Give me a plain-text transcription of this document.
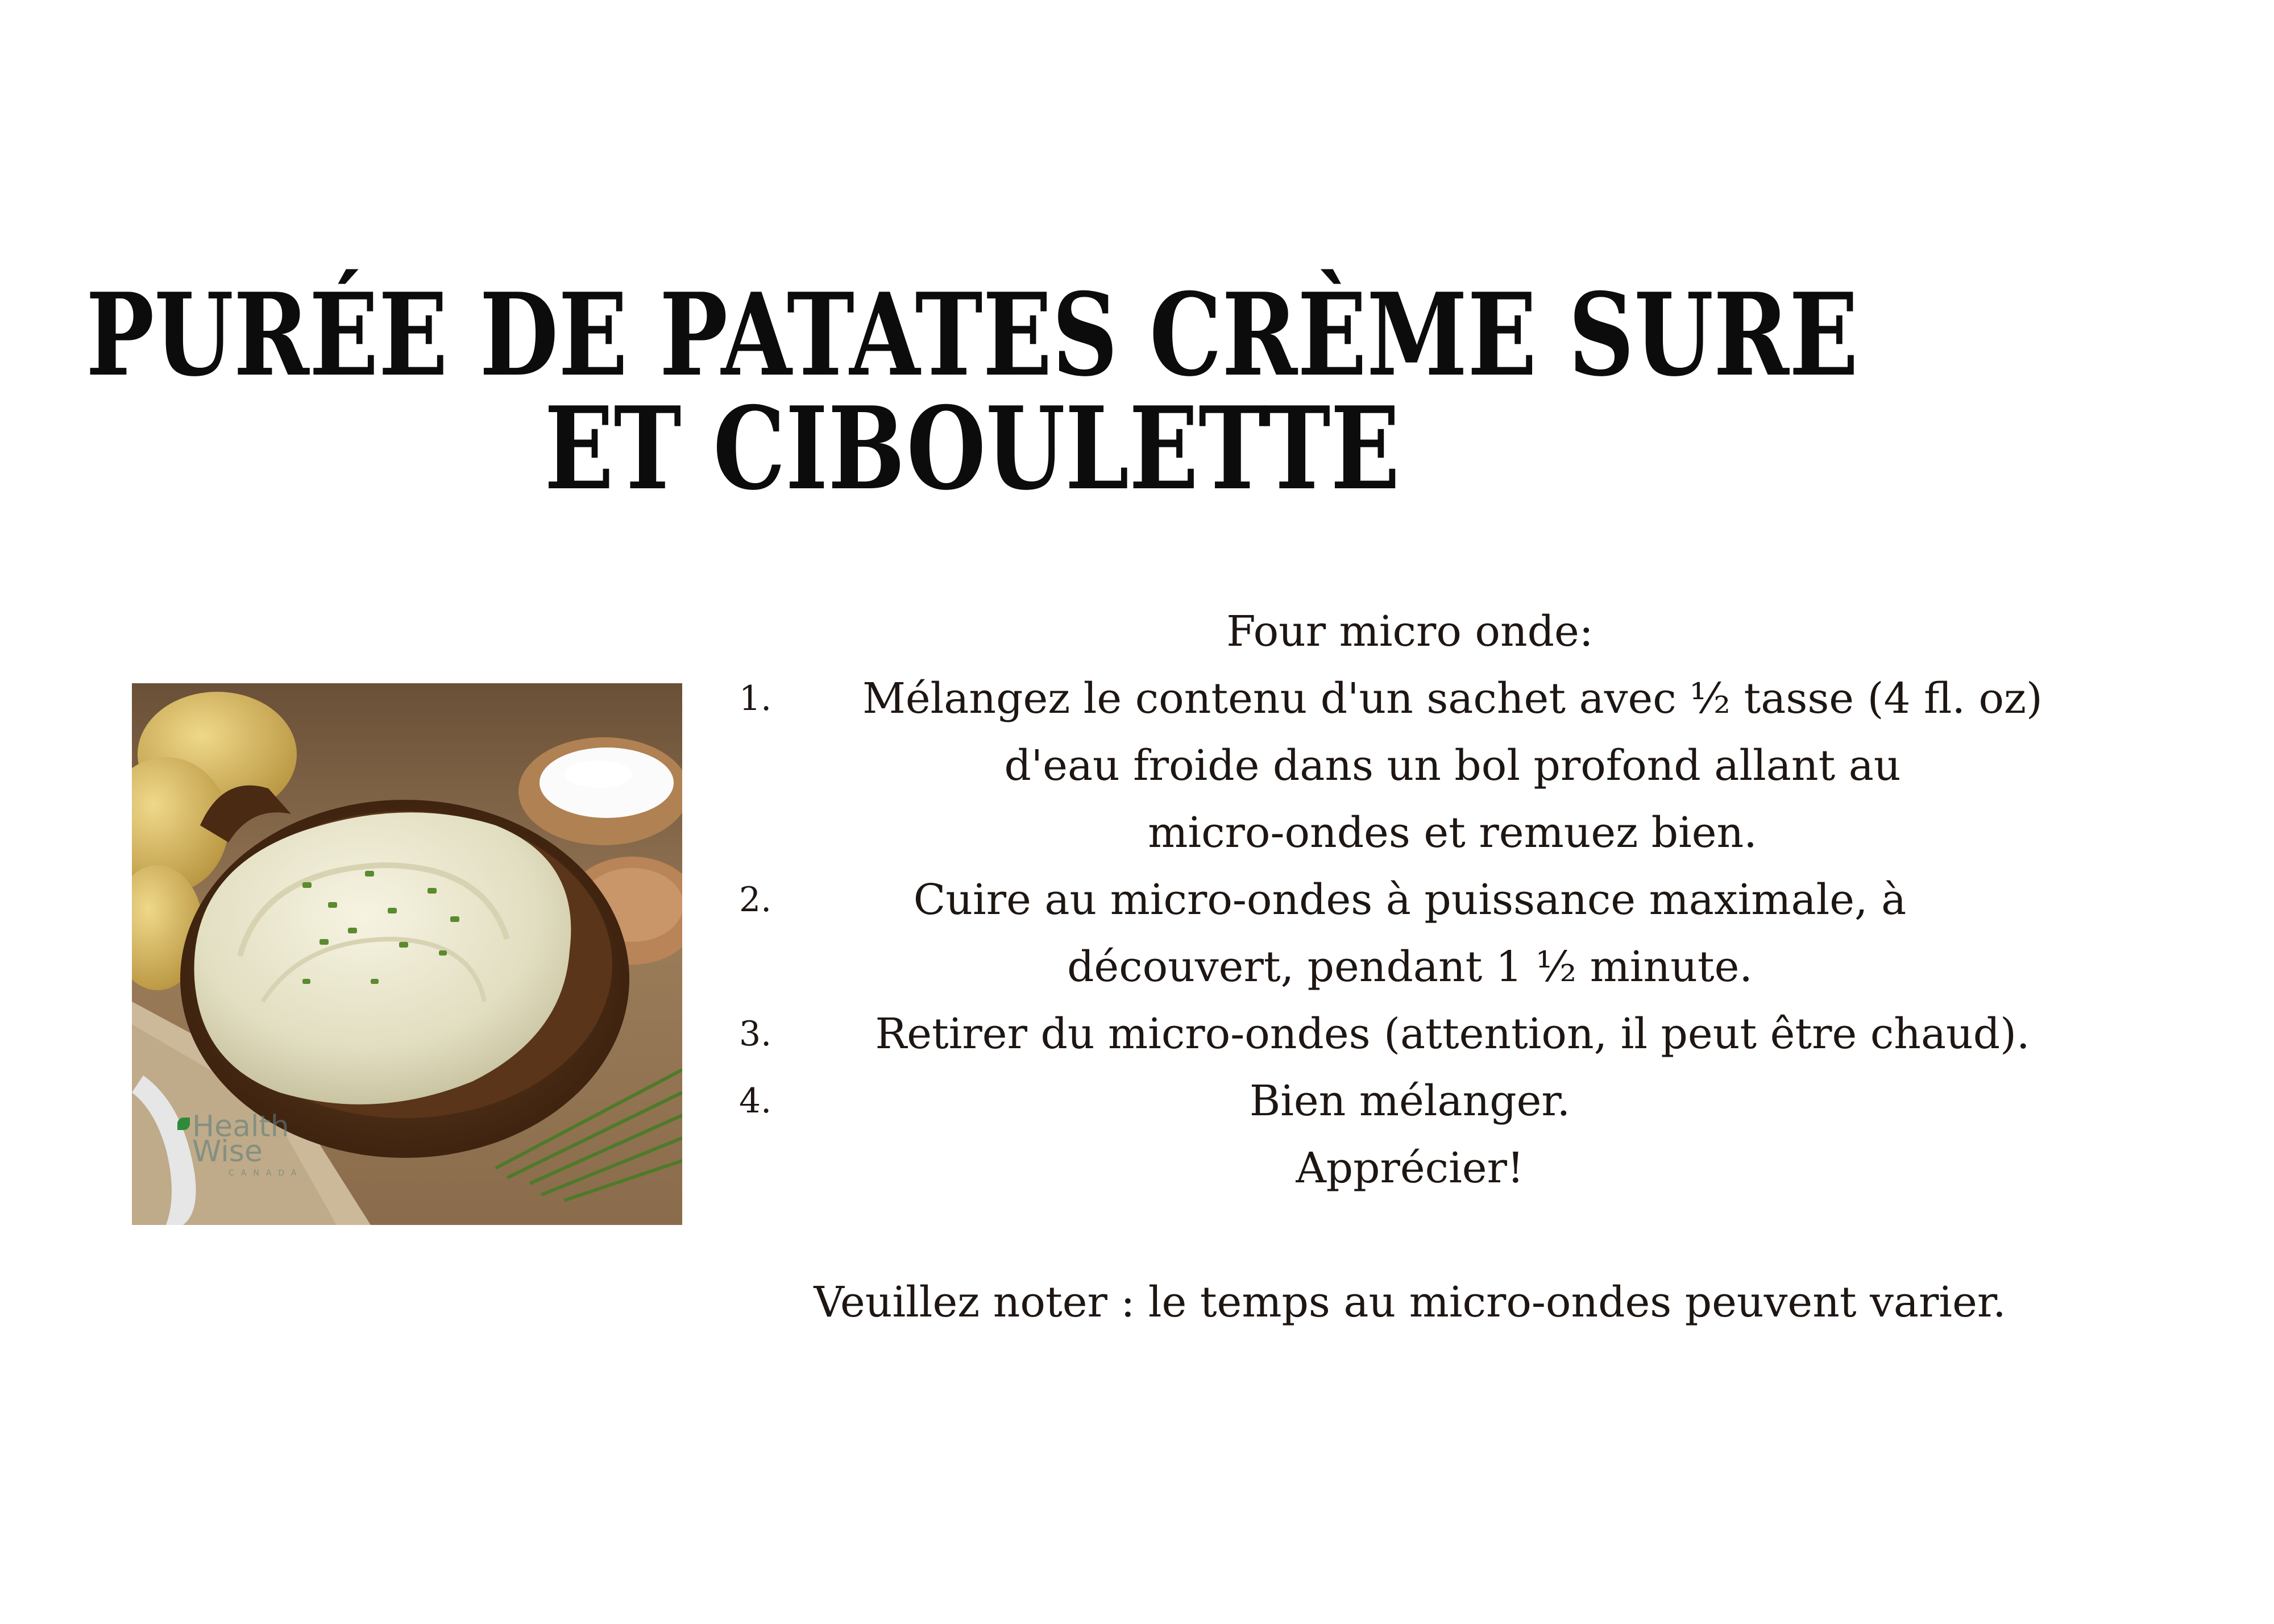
PURÉE DE PATATES CRÈME SURE
ET CIBOULETTE
Health
Wise
CANADA
Four micro onde:
1.	Mélangez le contenu d'un sachet avec ½ tasse (4 fl. oz)
d'eau froide dans un bol profond allant au
micro-ondes et remuez bien.
2.	Cuire au micro-ondes à puissance maximale, à
découvert, pendant 1 ½ minute.
3.	Retirer du micro-ondes (attention, il peut être chaud).
4.	Bien mélanger.
Apprécier!
Veuillez noter : le temps au micro-ondes peuvent varier.
